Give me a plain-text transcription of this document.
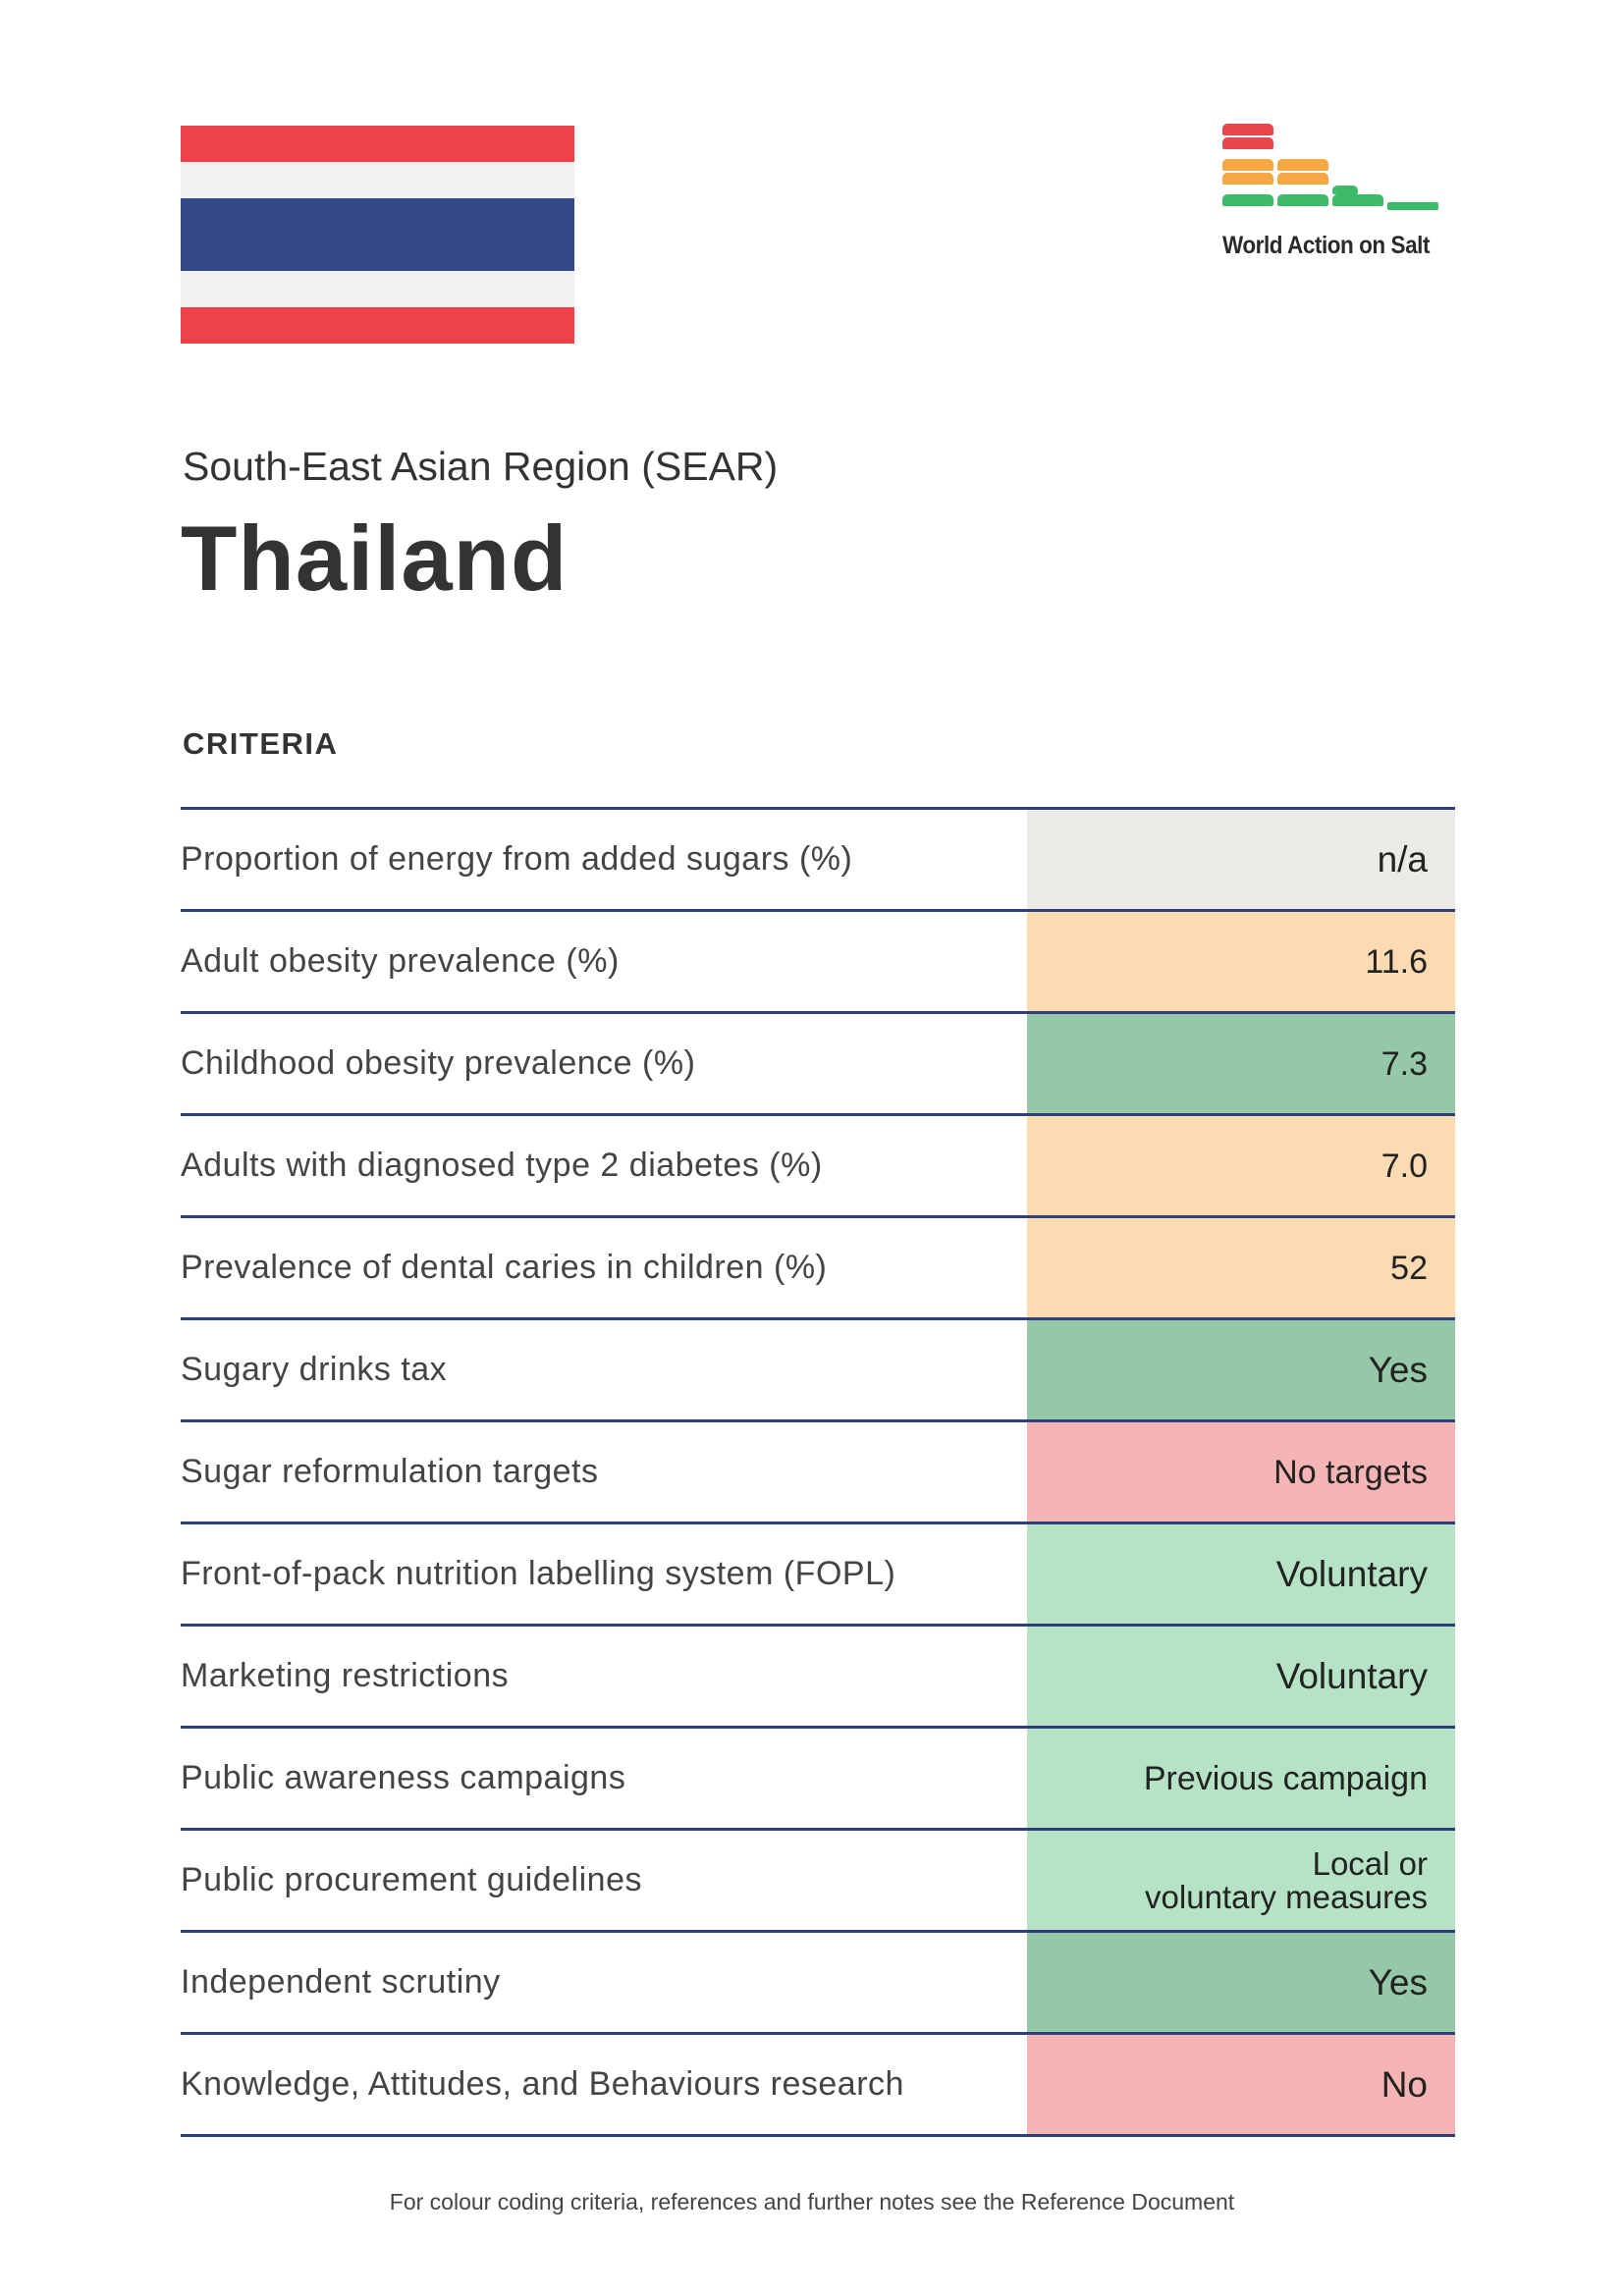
World Action on Salt
South-East Asian Region (SEAR)
Thailand
CRITERIA
Proportion of energy from added sugars (%)	n/a
Adult obesity prevalence (%)	11.6
Childhood obesity prevalence (%)	7.3
Adults with diagnosed type 2 diabetes (%)	7.0
Prevalence of dental caries in children (%)	52
Sugary drinks tax	Yes
Sugar reformulation targets	No targets
Front-of-pack nutrition labelling system (FOPL)	Voluntary
Marketing restrictions	Voluntary
Public awareness campaigns	Previous campaign
Public procurement guidelines	Local or
voluntary measures
Independent scrutiny	Yes
Knowledge, Attitudes, and Behaviours research	No
For colour coding criteria, references and further notes see the Reference Document
